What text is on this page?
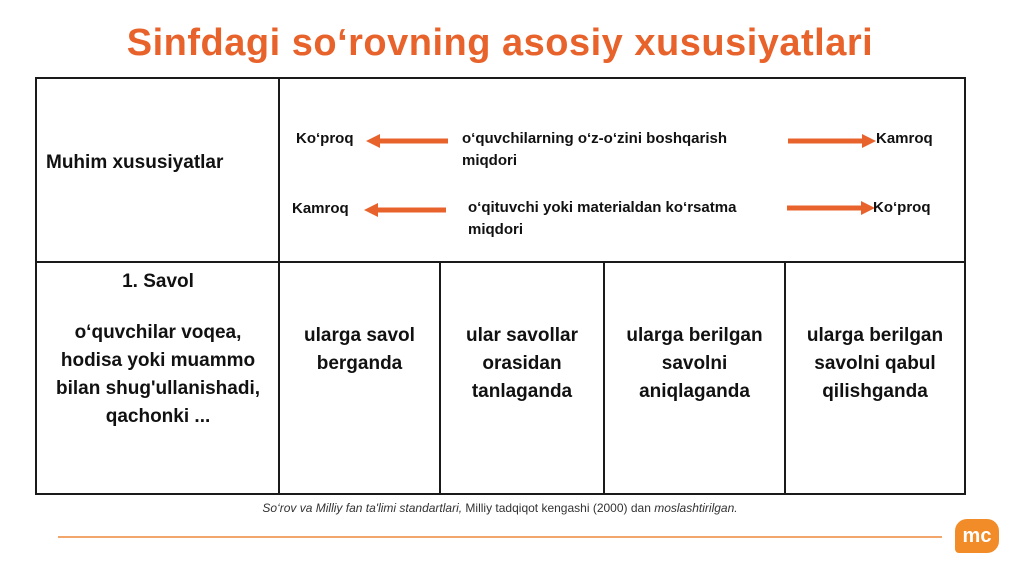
Sinfdagi so‘rovning asosiy xususiyatlari
Muhim xususiyatlar
Ko‘proq	o‘quvchilarning o‘z-o‘zini boshqarish
miqdori
Kamroq
Kamroq	o‘qituvchi yoki materialdan ko‘rsatma
miqdori
Ko‘proq
1. Savol
o‘quvchilar voqea,
hodisa yoki muammo
bilan shug'ullanishadi,
qachonki ...
ularga savol
berganda
ular savollar
orasidan
tanlaganda
ularga berilgan
savolni
aniqlaganda
ularga berilgan
savolni qabul
qilishganda
So‘rov va Milliy fan ta'limi standartlari, Milliy tadqiqot kengashi (2000) dan moslashtirilgan.
mc
